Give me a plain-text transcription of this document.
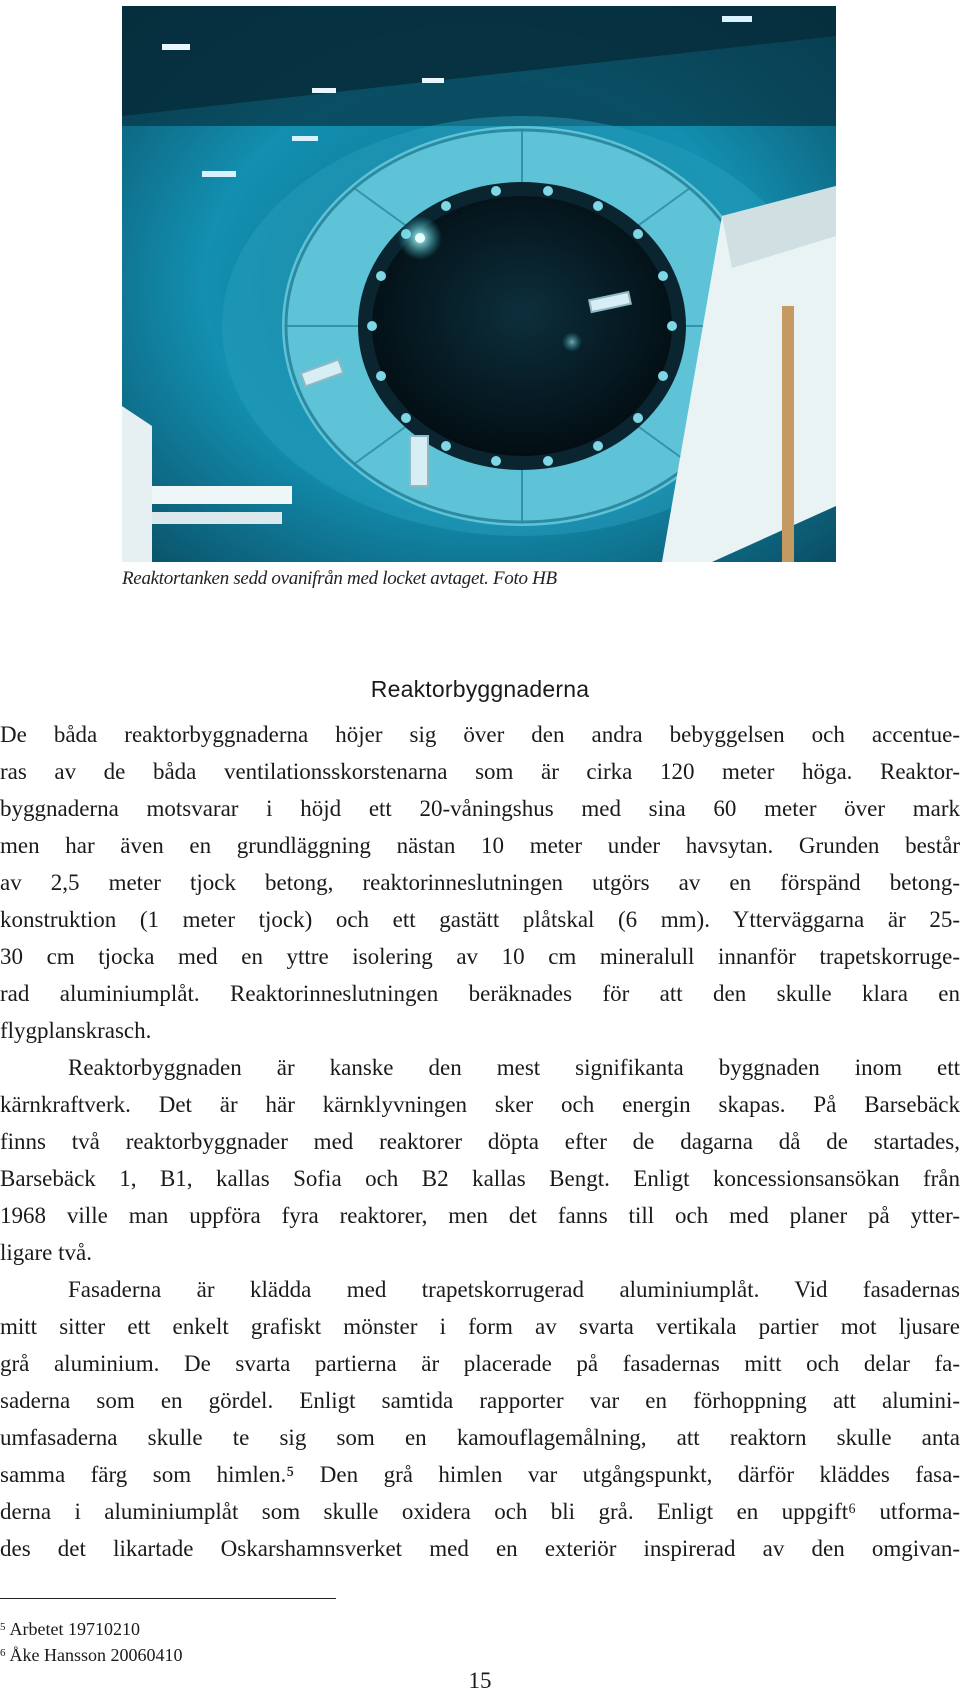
Reaktortanken sedd ovanifrån med locket avtaget. Foto HB
Reaktorbyggnaderna
De båda reaktorbyggnaderna höjer sig över den andra bebyggelsen och accentue-
ras av de båda ventilationsskorstenarna som är cirka 120 meter höga. Reaktor-
byggnaderna motsvarar i höjd ett 20-våningshus med sina 60 meter över mark
men har även en grundläggning nästan 10 meter under havsytan. Grunden består
av 2,5 meter tjock betong, reaktorinneslutningen utgörs av en förspänd betong-
konstruktion (1 meter tjock) och ett gastätt plåtskal (6 mm). Ytterväggarna är 25-
30 cm tjocka med en yttre isolering av 10 cm mineralull innanför trapetskorruge-
rad aluminiumplåt. Reaktorinneslutningen beräknades för att den skulle klara en
flygplanskrasch.
Reaktorbyggnaden är kanske den mest signifikanta byggnaden inom ett
kärnkraftverk. Det är här kärnklyvningen sker och energin skapas. På Barsebäck
finns två reaktorbyggnader med reaktorer döpta efter de dagarna då de startades,
Barsebäck 1, B1, kallas Sofia och B2 kallas Bengt. Enligt koncessionsansökan från
1968 ville man uppföra fyra reaktorer, men det fanns till och med planer på ytter-
ligare två.
Fasaderna är klädda med trapetskorrugerad aluminiumplåt. Vid fasadernas
mitt sitter ett enkelt grafiskt mönster i form av svarta vertikala partier mot ljusare
grå aluminium. De svarta partierna är placerade på fasadernas mitt och delar fa-
saderna som en gördel. Enligt samtida rapporter var en förhoppning att alumini-
umfasaderna skulle te sig som en kamouflagemålning, att reaktorn skulle anta
samma färg som himlen.⁵ Den grå himlen var utgångspunkt, därför kläddes fasa-
derna i aluminiumplåt som skulle oxidera och bli grå. Enligt en uppgift⁶ utforma-
des det likartade Oskarshamnsverket med en exteriör inspirerad av den omgivan-
$^5$ Arbetet 19710210
$^6$ Åke Hansson 20060410
15
